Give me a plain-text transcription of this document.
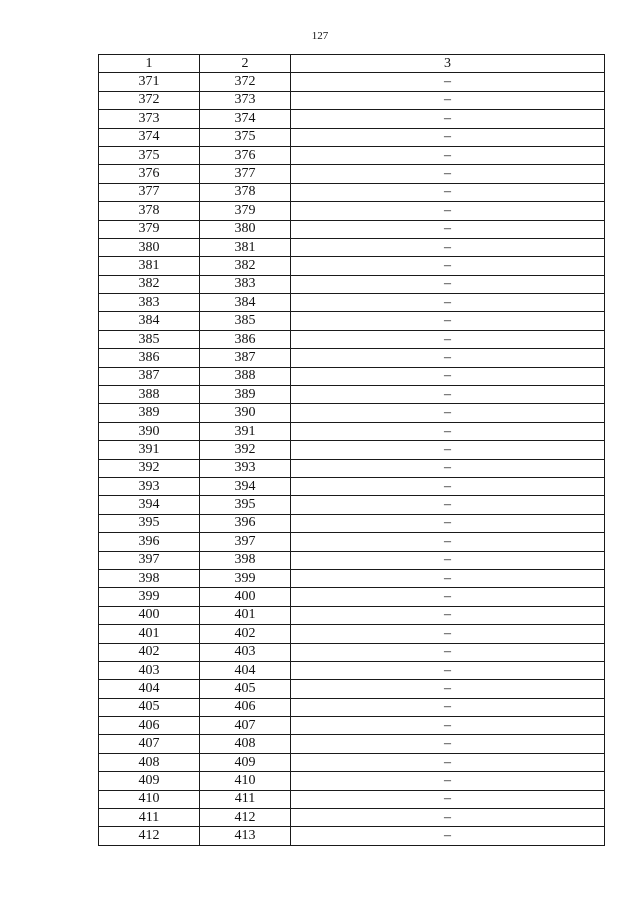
127
1	2	3
371	372	–
372	373	–
373	374	–
374	375	–
375	376	–
376	377	–
377	378	–
378	379	–
379	380	–
380	381	–
381	382	–
382	383	–
383	384	–
384	385	–
385	386	–
386	387	–
387	388	–
388	389	–
389	390	–
390	391	–
391	392	–
392	393	–
393	394	–
394	395	–
395	396	–
396	397	–
397	398	–
398	399	–
399	400	–
400	401	–
401	402	–
402	403	–
403	404	–
404	405	–
405	406	–
406	407	–
407	408	–
408	409	–
409	410	–
410	411	–
411	412	–
412	413	–
